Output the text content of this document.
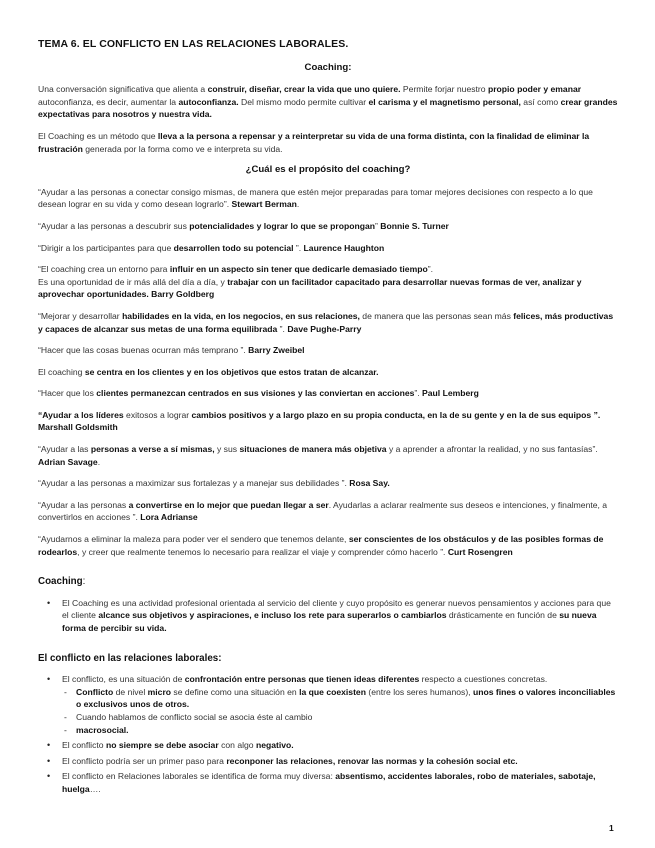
TEMA 6. EL CONFLICTO EN LAS RELACIONES LABORALES.
Coaching:

Una conversación significativa que alienta a construir, diseñar, crear la vida que uno quiere. Permite forjar nuestro propio poder y emanar autoconfianza, es decir, aumentar la autoconfianza. Del mismo modo permite cultivar el carisma y el magnetismo personal, así como crear grandes expectativas para nosotros y nuestra vida.

El Coaching es un método que lleva a la persona a repensar y a reinterpretar su vida de una forma distinta, con la finalidad de eliminar la frustración generada por la forma como ve e interpreta su vida.

¿Cuál es el propósito del coaching?

“Ayudar a las personas a conectar consigo mismas, de manera que estén mejor preparadas para tomar mejores decisiones con respecto a lo que desean lograr en su vida y como desean lograrlo”. Stewart Berman.

“Ayudar a las personas a descubrir sus potencialidades y lograr lo que se propongan” Bonnie S. Turner

“Dirigir a los participantes para que desarrollen todo su potencial ”. Laurence Haughton

“El coaching crea un entorno para influir en un aspecto sin tener que dedicarle demasiado tiempo”.
Es una oportunidad de ir más allá del día a día, y trabajar con un facilitador capacitado para desarrollar nuevas formas de ver, analizar y aprovechar oportunidades. Barry Goldberg

“Mejorar y desarrollar habilidades en la vida, en los negocios, en sus relaciones, de manera que las personas sean más felices, más productivas y capaces de alcanzar sus metas de una forma equilibrada ”. Dave Pughe-Parry

“Hacer que las cosas buenas ocurran más temprano ”. Barry Zweibel

El coaching se centra en los clientes y en los objetivos que estos tratan de alcanzar.

“Hacer que los clientes permanezcan centrados en sus visiones y las conviertan en acciones”. Paul Lemberg

“Ayudar a los líderes exitosos a lograr cambios positivos y a largo plazo en su propia conducta, en la de su gente y en la de sus equipos ”. Marshall Goldsmith

“Ayudar a las personas a verse a sí mismas, y sus situaciones de manera más objetiva y a aprender a afrontar la realidad, y no sus fantasías”. Adrian Savage.

“Ayudar a las personas a maximizar sus fortalezas y a manejar sus debilidades ”. Rosa Say.

“Ayudar a las personas a convertirse en lo mejor que puedan llegar a ser. Ayudarlas a aclarar realmente sus deseos e intenciones, y finalmente, a convertirlos en acciones ”. Lora Adrianse

“Ayudarnos a eliminar la maleza para poder ver el sendero que tenemos delante, ser conscientes de los obstáculos y de las posibles formas de rodearlos, y creer que realmente tenemos lo necesario para realizar el viaje y comprender cómo hacerlo ”. Curt Rosengren

Coaching:
• El Coaching es una actividad profesional orientada al servicio del cliente y cuyo propósito es generar nuevos pensamientos y acciones para que el cliente alcance sus objetivos y aspiraciones, e incluso los rete para superarlos o cambiarlos drásticamente en función de su nueva forma de percibir su vida.
El conflicto en las relaciones laborales:
• El conflicto, es una situación de confrontación entre personas que tienen ideas diferentes respecto a cuestiones concretas.
- Conflicto de nivel micro se define como una situación en la que coexisten (entre los seres humanos), unos fines o valores inconciliables o exclusivos unos de otros.
- Cuando hablamos de conflicto social se asocia éste al cambio
- macrosocial.
• El conflicto no siempre se debe asociar con algo negativo.
• El conflicto podría ser un primer paso para reconponer las relaciones, renovar las normas y la cohesión social etc.
• El conflicto en Relaciones laborales se identifica de forma muy diversa: absentismo, accidentes laborales, robo de materiales, sabotaje, huelga….
1
